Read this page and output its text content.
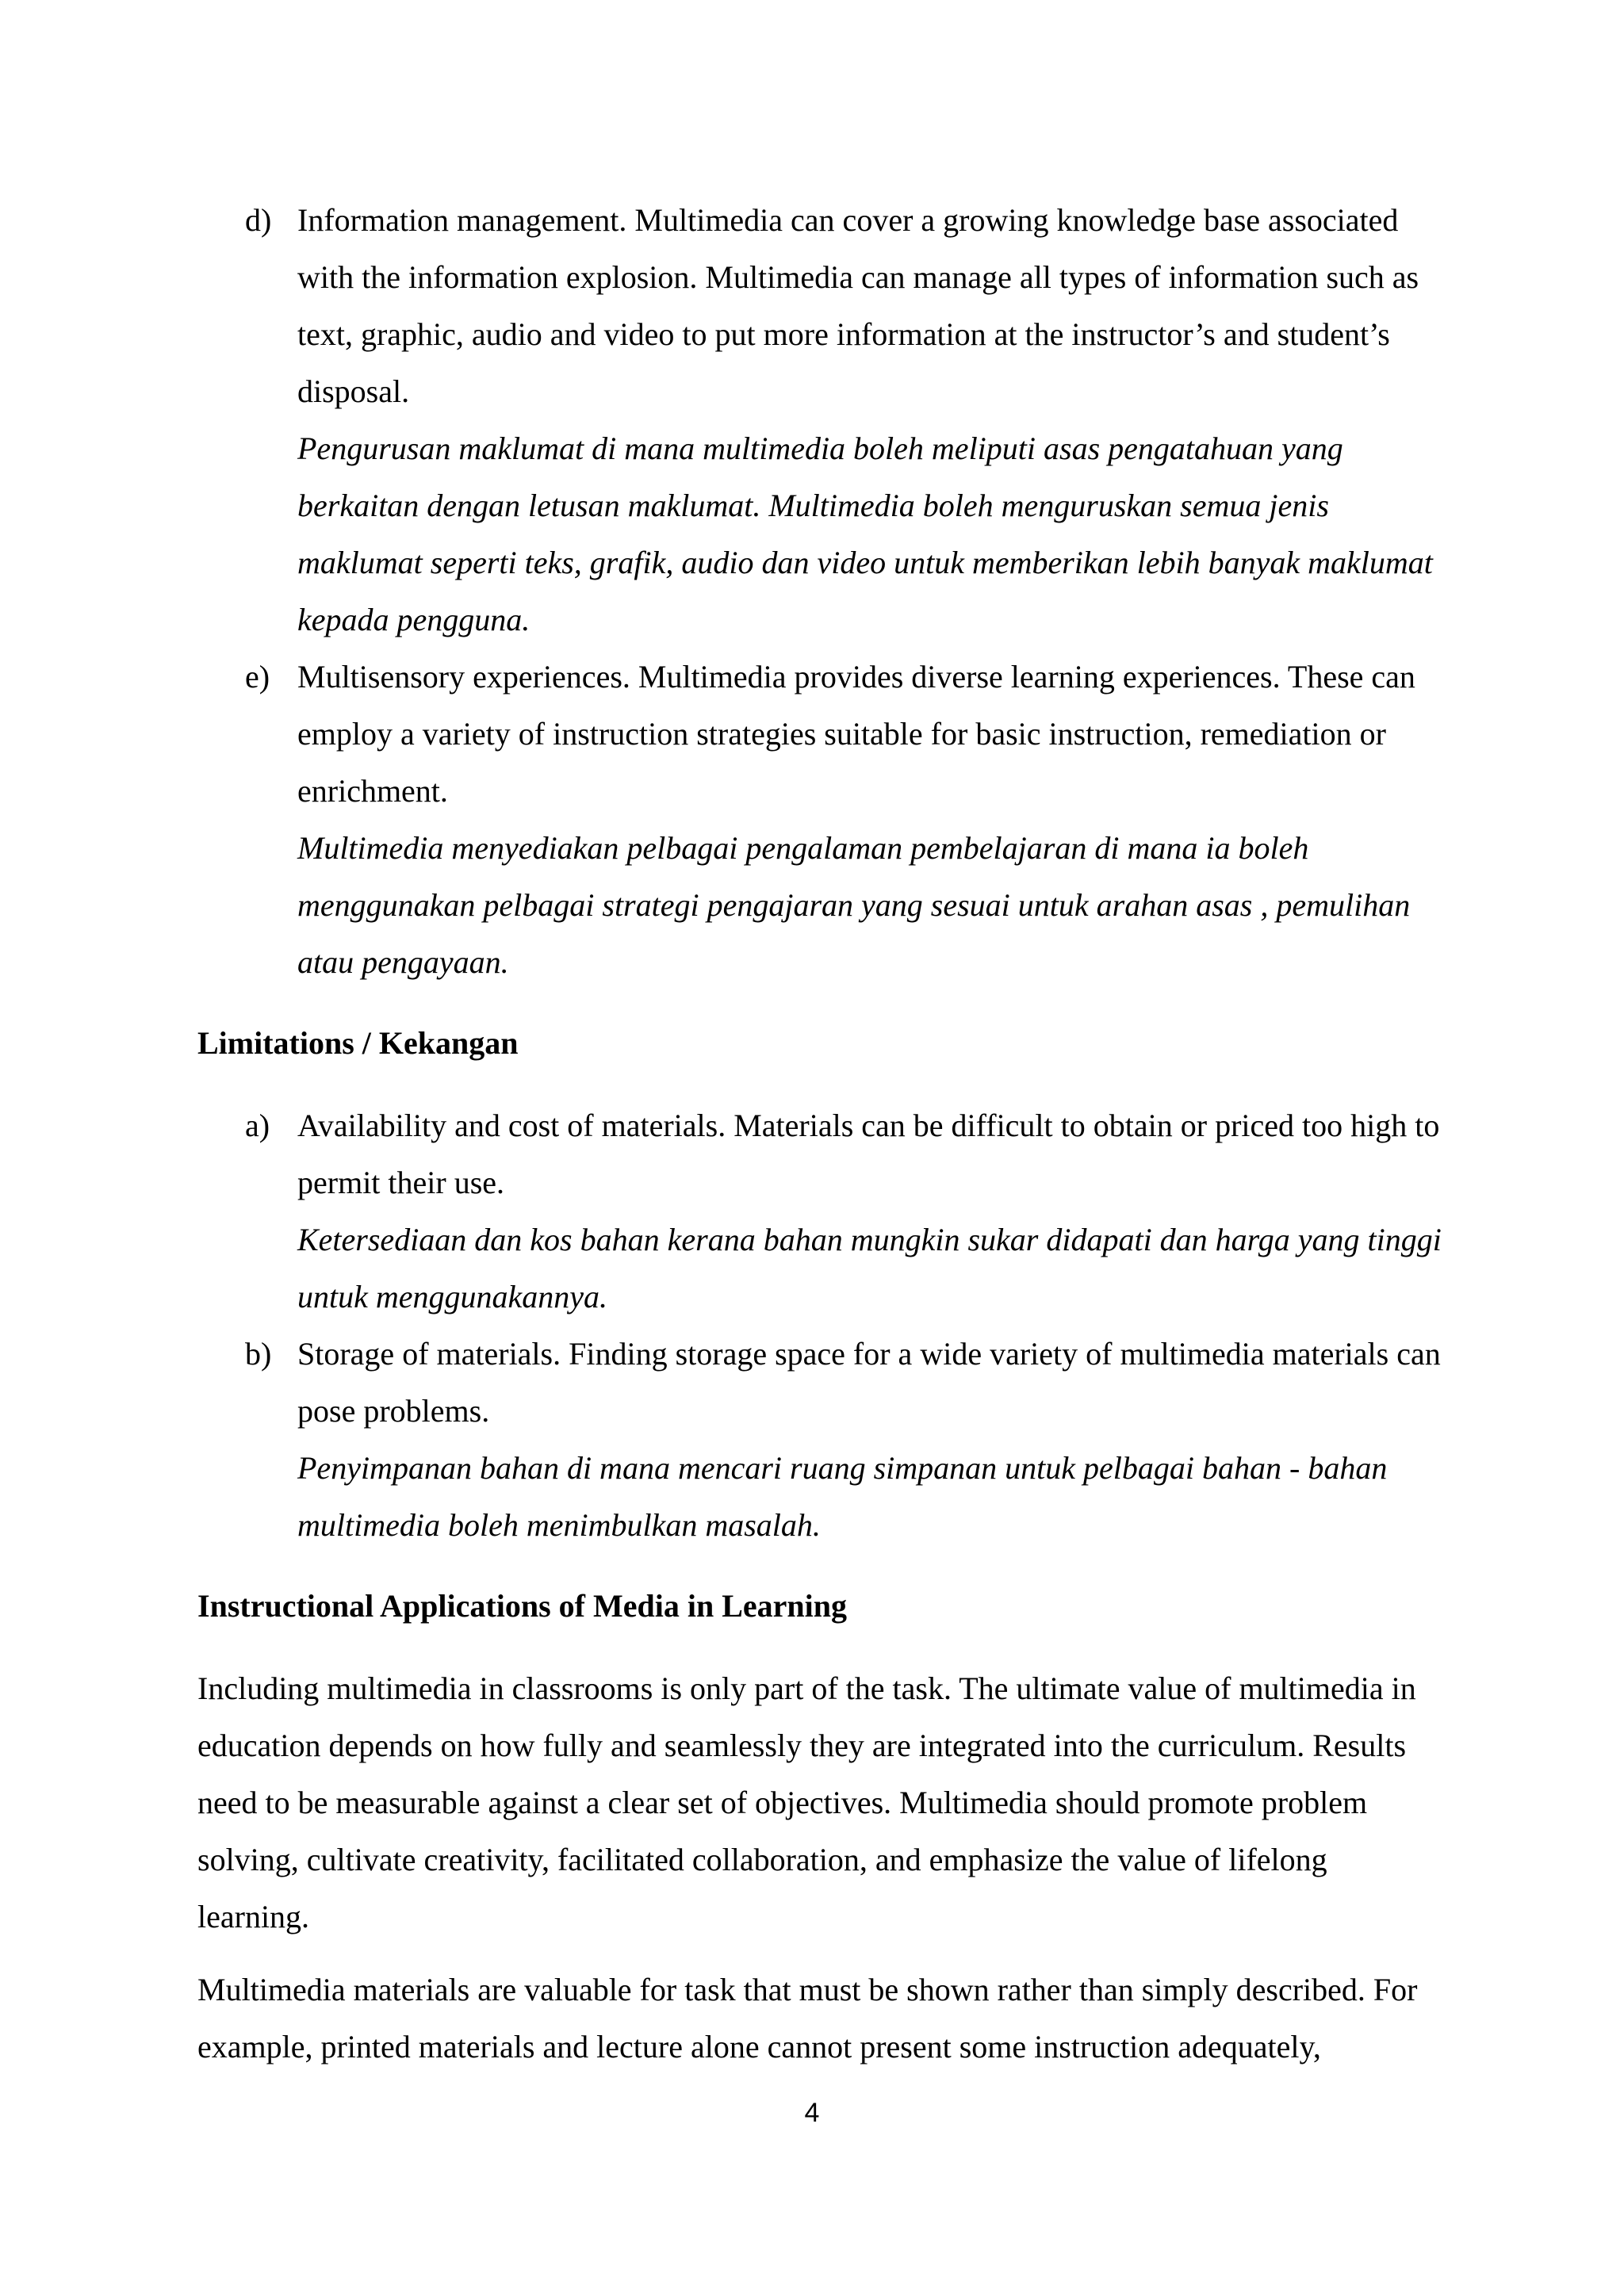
d) Information management. Multimedia can cover a growing knowledge base associated with the information explosion. Multimedia can manage all types of information such as text, graphic, audio and video to put more information at the instructor’s and student’s disposal.
Pengurusan maklumat di mana multimedia boleh meliputi asas pengatahuan yang berkaitan dengan letusan maklumat. Multimedia boleh menguruskan semua jenis maklumat seperti teks, grafik, audio dan video untuk memberikan lebih banyak maklumat kepada pengguna.
e) Multisensory experiences. Multimedia provides diverse learning experiences. These can employ a variety of instruction strategies suitable for basic instruction, remediation or enrichment.
Multimedia menyediakan pelbagai pengalaman pembelajaran di mana ia boleh menggunakan pelbagai strategi pengajaran yang sesuai untuk arahan asas , pemulihan atau pengayaan.
Limitations / Kekangan
a) Availability and cost of materials. Materials can be difficult to obtain or priced too high to permit their use.
Ketersediaan dan kos bahan kerana bahan mungkin sukar didapati dan harga yang tinggi untuk menggunakannya.
b) Storage of materials. Finding storage space for a wide variety of multimedia materials can pose problems.
Penyimpanan bahan di mana mencari ruang simpanan untuk pelbagai bahan - bahan multimedia boleh menimbulkan masalah.
Instructional Applications of Media in Learning

Including multimedia in classrooms is only part of the task. The ultimate value of multimedia in education depends on how fully and seamlessly they are integrated into the curriculum. Results need to be measurable against a clear set of objectives. Multimedia should promote problem solving, cultivate creativity, facilitated collaboration, and emphasize the value of lifelong learning.

Multimedia materials are valuable for task that must be shown rather than simply described. For example, printed materials and lecture alone cannot present some instruction adequately,

4
